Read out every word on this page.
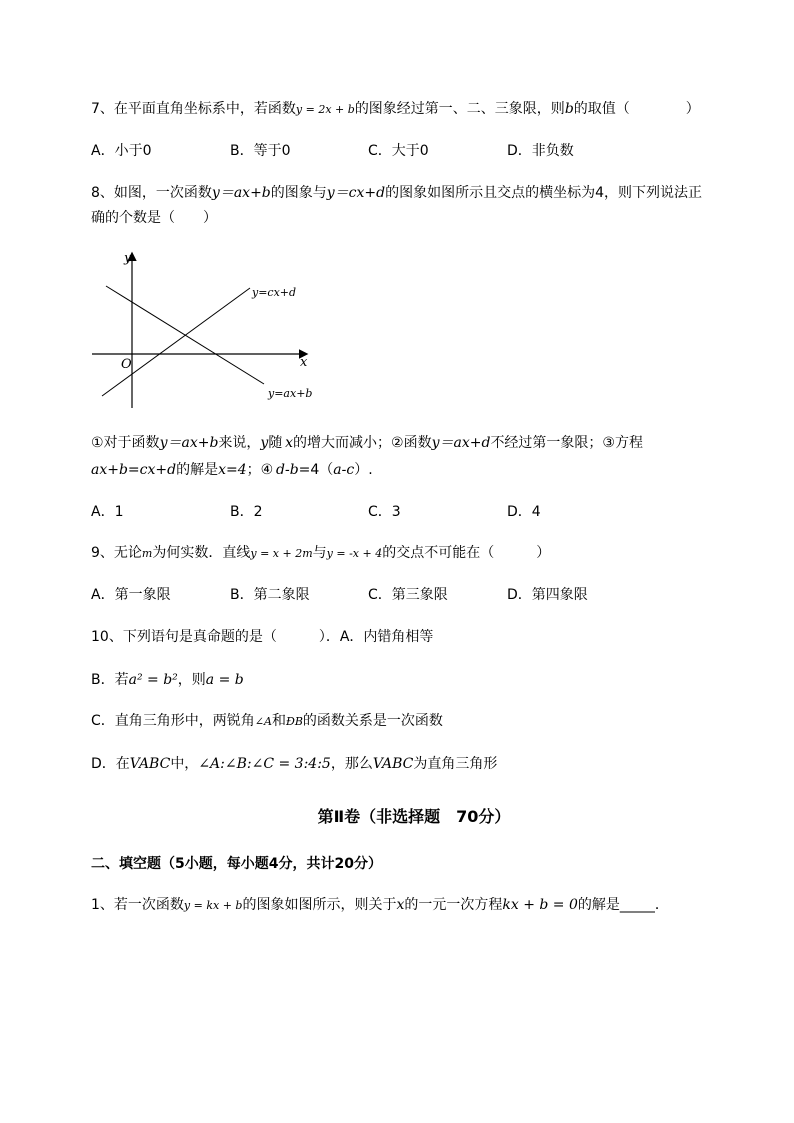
7、在平面直角坐标系中，若函数y = 2x + b的图象经过第一、二、三象限，则b的取值（　　　　）
A．小于0	B．等于0	C．大于0	D．非负数
8、如图，一次函数y＝ax+b的图象与y＝cx+d的图象如图所示且交点的横坐标为4，则下列说法正
确的个数是（　　）
y
x
O
y=cx+d
y=ax+b
①对于函数y＝ax+b来说，y随  x的增大而减小；②函数y＝ax+d不经过第一象限；③方程
ax+b=cx+d的解是x=4；④  d-b=4（a-c）.
A．1	B．2	C．3	D．4
9、无论m为何实数．直线y = x + 2m与y = -x + 4的交点不可能在（　　　）
A．第一象限	B．第二象限	C．第三象限	D．第四象限
10、下列语句是真命题的是（　　　）．A．内错角相等
B．若a² = b²，则a = b
C．直角三角形中，两锐角∠A和ÐB的函数关系是一次函数
D．在VABC中，∠A:∠B:∠C = 3:4:5，那么VABC为直角三角形
第Ⅱ卷（非选择题　70分）
二、填空题（5小题，每小题4分，共计20分）
1、若一次函数y = kx + b的图象如图所示，则关于x的一元一次方程kx + b = 0的解是_____．
